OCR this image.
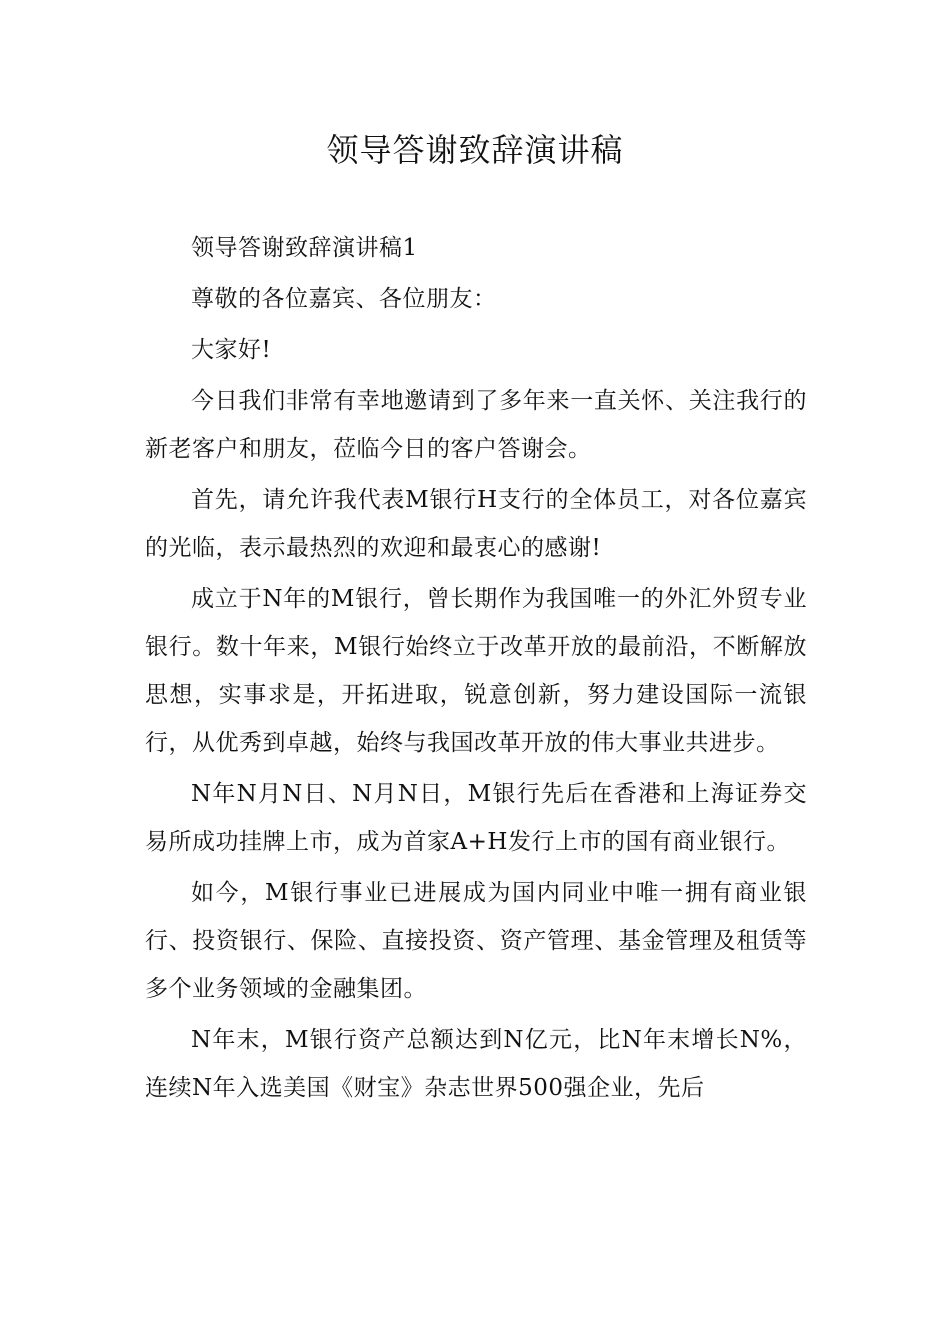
领导答谢致辞演讲稿

领导答谢致辞演讲稿1

尊敬的各位嘉宾、各位朋友：

大家好!

今日我们非常有幸地邀请到了多年来一直关怀、关注我行的新老客户和朋友，莅临今日的客户答谢会。

首先，请允许我代表M银行H支行的全体员工，对各位嘉宾的光临，表示最热烈的欢迎和最衷心的感谢!

成立于N年的M银行，曾长期作为我国唯一的外汇外贸专业银行。数十年来，M银行始终立于改革开放的最前沿，不断解放思想，实事求是，开拓进取，锐意创新，努力建设国际一流银行，从优秀到卓越，始终与我国改革开放的伟大事业共进步。

N年N月N日、N月N日，M银行先后在香港和上海证券交易所成功挂牌上市，成为首家A+H发行上市的国有商业银行。

如今，M银行事业已进展成为国内同业中唯一拥有商业银行、投资银行、保险、直接投资、资产管理、基金管理及租赁等多个业务领域的金融集团。

N年末，M银行资产总额达到N亿元，比N年末增长N%，连续N年入选美国《财宝》杂志世界500强企业，先后
